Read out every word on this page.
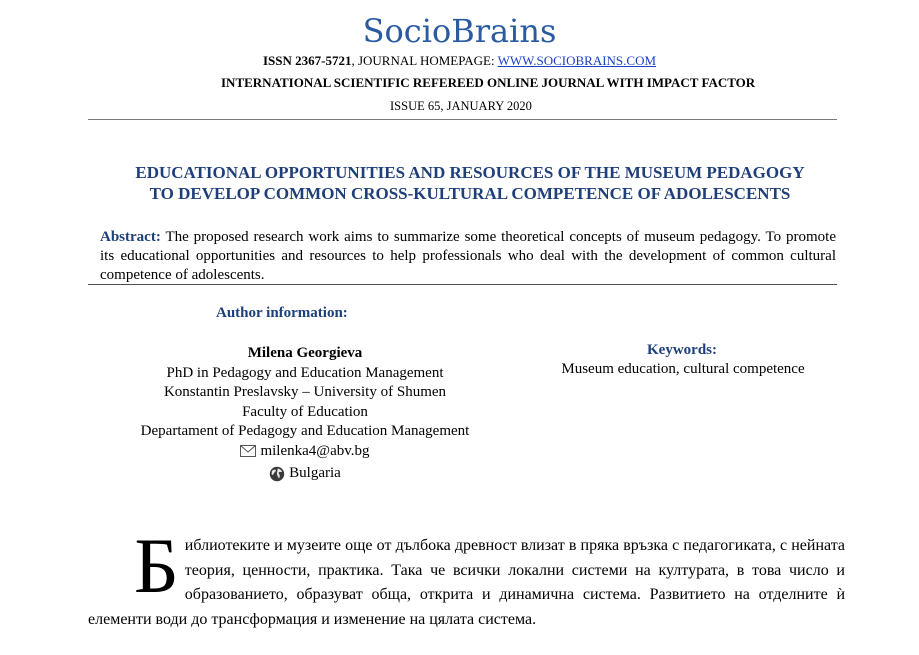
SocioBrains
ISSN 2367-5721, JOURNAL HOMEPAGE: WWW.SOCIOBRAINS.COM
INTERNATIONAL SCIENTIFIC REFEREED ONLINE JOURNAL WITH IMPACT FACTOR
ISSUE 65, JANUARY 2020
EDUCATIONAL OPPORTUNITIES AND RESOURCES OF THE MUSEUM PEDAGOGY
TO DEVELOP COMMON CROSS-KULTURAL COMPETENCE OF ADOLESCENTS
Abstract: The proposed research work aims to summarize some theoretical concepts of museum pedagogy. To promote its educational opportunities and resources to help professionals who deal with the development of common cultural competence of adolescents.
Author information:
Milena Georgieva
PhD in Pedagogy and Education Management
Konstantin Preslavsky – University of Shumen
Faculty of Education
Departament of Pedagogy and Education Management
milenka4@abv.bg
Bulgaria
Keywords:
Museum education, cultural competence
Библиотеките и музеите още от дълбока древност влизат в пряка връзка с педагогиката, с нейната теория, ценности, практика. Така че всички локални системи на културата, в това число и образованието, образуват обща, открита и динамична система. Развитието на отделните ѝ елементи води до трансформация и изменение на цялата система.
